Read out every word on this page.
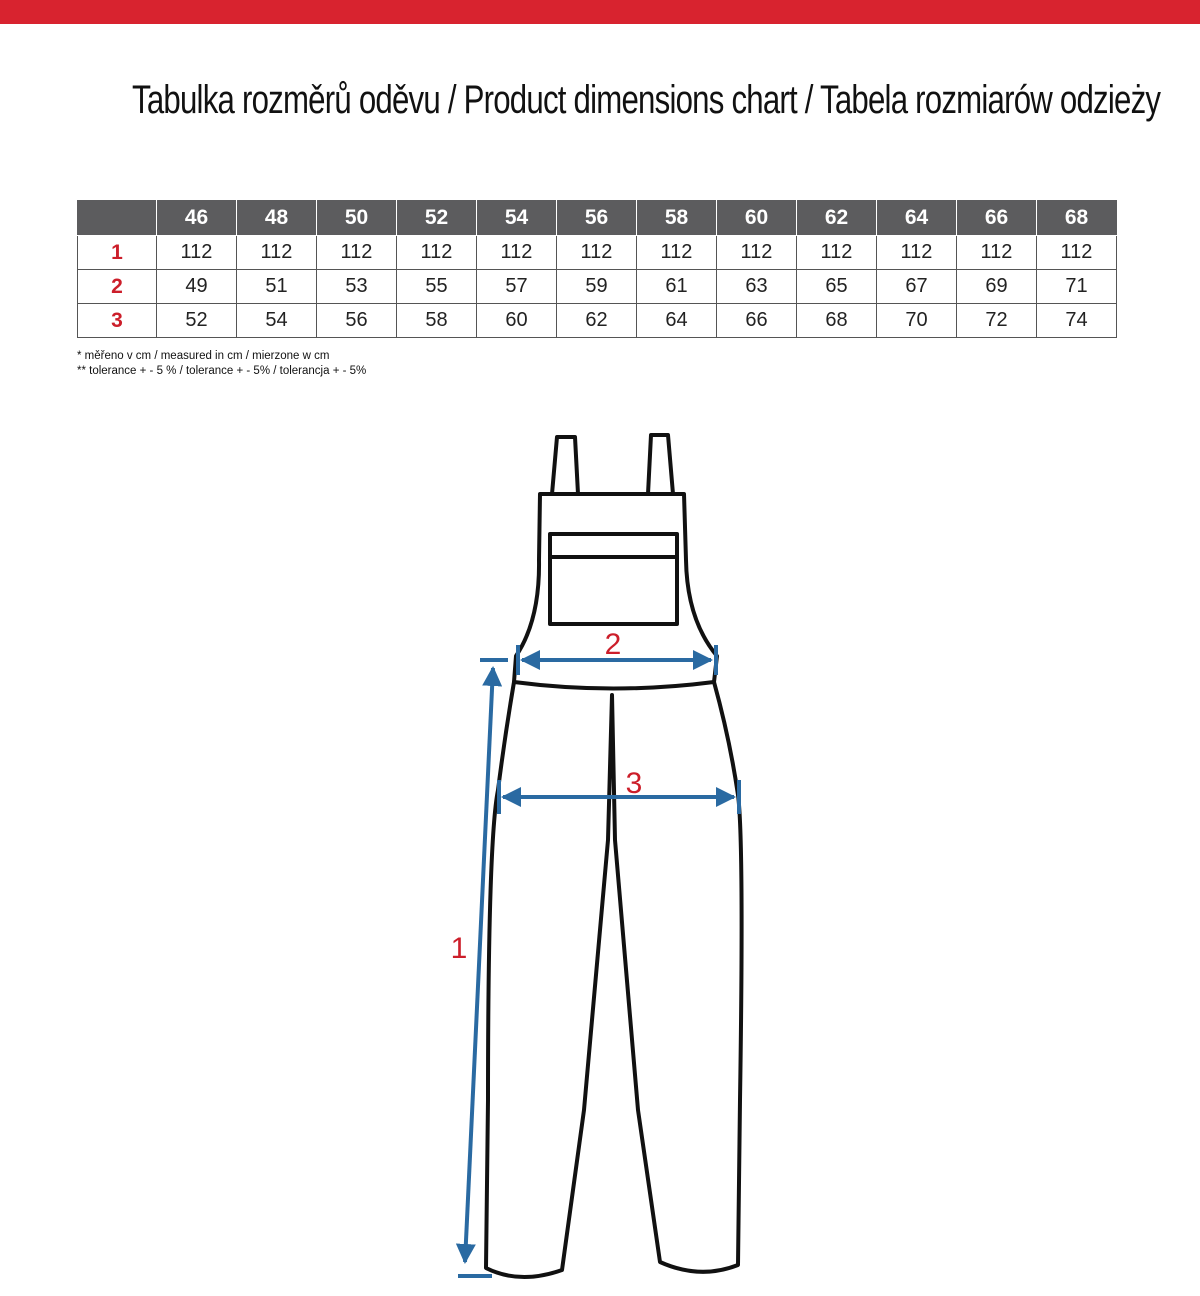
Tabulka rozměrů oděvu / Product dimensions chart / Tabela rozmiarów odzieży
	46	48	50	52	54	56	58	60	62	64	66	68
1	112	112	112	112	112	112	112	112	112	112	112	112
2	49	51	53	55	57	59	61	63	65	67	69	71
3	52	54	56	58	60	62	64	66	68	70	72	74
* měřeno v cm / measured in cm / mierzone w cm
** tolerance + - 5 % / tolerance + - 5% / tolerancja + - 5%
1
2
3
